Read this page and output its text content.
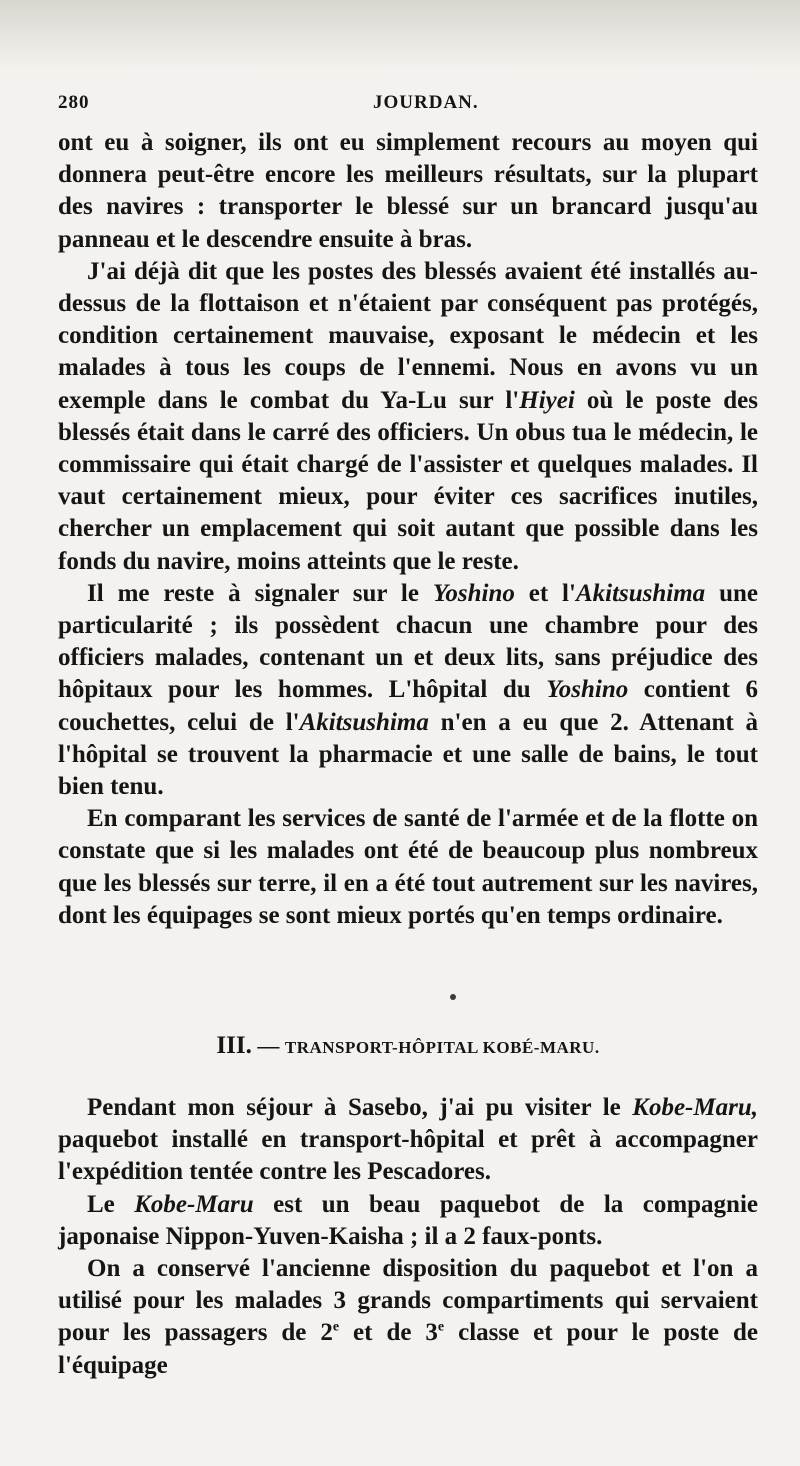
280	JOURDAN.

ont eu à soigner, ils ont eu simplement recours au moyen qui donnera peut-être encore les meilleurs résultats, sur la plupart des navires : transporter le blessé sur un brancard jusqu'au panneau et le descendre ensuite à bras.

J'ai déjà dit que les postes des blessés avaient été installés au-dessus de la flottaison et n'étaient par conséquent pas protégés, condition certainement mauvaise, exposant le médecin et les malades à tous les coups de l'ennemi. Nous en avons vu un exemple dans le combat du Ya-Lu sur l'Hiyei où le poste des blessés était dans le carré des officiers. Un obus tua le médecin, le commissaire qui était chargé de l'assister et quelques malades. Il vaut certainement mieux, pour éviter ces sacrifices inutiles, chercher un emplacement qui soit autant que possible dans les fonds du navire, moins atteints que le reste.

Il me reste à signaler sur le Yoshino et l'Akitsushima une particularité ; ils possèdent chacun une chambre pour des officiers malades, contenant un et deux lits, sans préjudice des hôpitaux pour les hommes. L'hôpital du Yoshino contient 6 couchettes, celui de l'Akitsushima n'en a eu que 2. Attenant à l'hôpital se trouvent la pharmacie et une salle de bains, le tout bien tenu.

En comparant les services de santé de l'armée et de la flotte on constate que si les malades ont été de beaucoup plus nombreux que les blessés sur terre, il en a été tout autrement sur les navires, dont les équipages se sont mieux portés qu'en temps ordinaire.

III. — TRANSPORT-HÔPITAL KOBÉ-MARU.

Pendant mon séjour à Sasebo, j'ai pu visiter le Kobe-Maru, paquebot installé en transport-hôpital et prêt à accompagner l'expédition tentée contre les Pescadores.

Le Kobe-Maru est un beau paquebot de la compagnie japonaise Nippon-Yuven-Kaisha ; il a 2 faux-ponts.

On a conservé l'ancienne disposition du paquebot et l'on a utilisé pour les malades 3 grands compartiments qui servaient pour les passagers de 2e et de 3e classe et pour le poste de l'équipage
